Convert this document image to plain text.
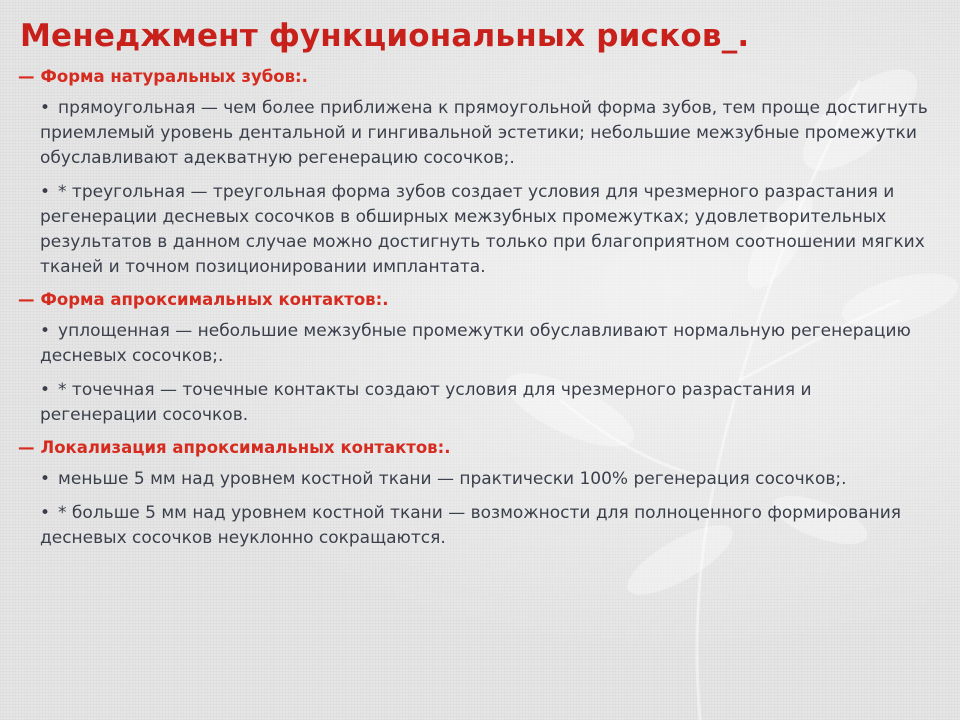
Менеджмент функциональных рисков_.
— Форма натуральных зубов:.
• прямоугольная — чем более приближена к прямоугольной форма зубов, тем проще достигнуть приемлемый уровень дентальной и гингивальной эстетики; небольшие межзубные промежутки обуславливают адекватную регенерацию сосочков;.
• * треугольная — треугольная форма зубов создает условия для чрезмерного разрастания и регенерации десневых сосочков в обширных межзубных промежутках; удовлетворительных результатов в данном случае можно достигнуть только при благоприятном соотношении мягких тканей и точном позиционировании имплантата.
— Форма апроксимальных контактов:.
• уплощенная — небольшие межзубные промежутки обуславливают нормальную регенерацию десневых сосочков;.
• * точечная — точечные контакты создают условия для чрезмерного разрастания и регенерации сосочков.
— Локализация апроксимальных контактов:.
• меньше 5 мм над уровнем костной ткани — практически 100% регенерация сосочков;.
• * больше 5 мм над уровнем костной ткани — возможности для полноценного формирования десневых сосочков неуклонно сокращаются.
